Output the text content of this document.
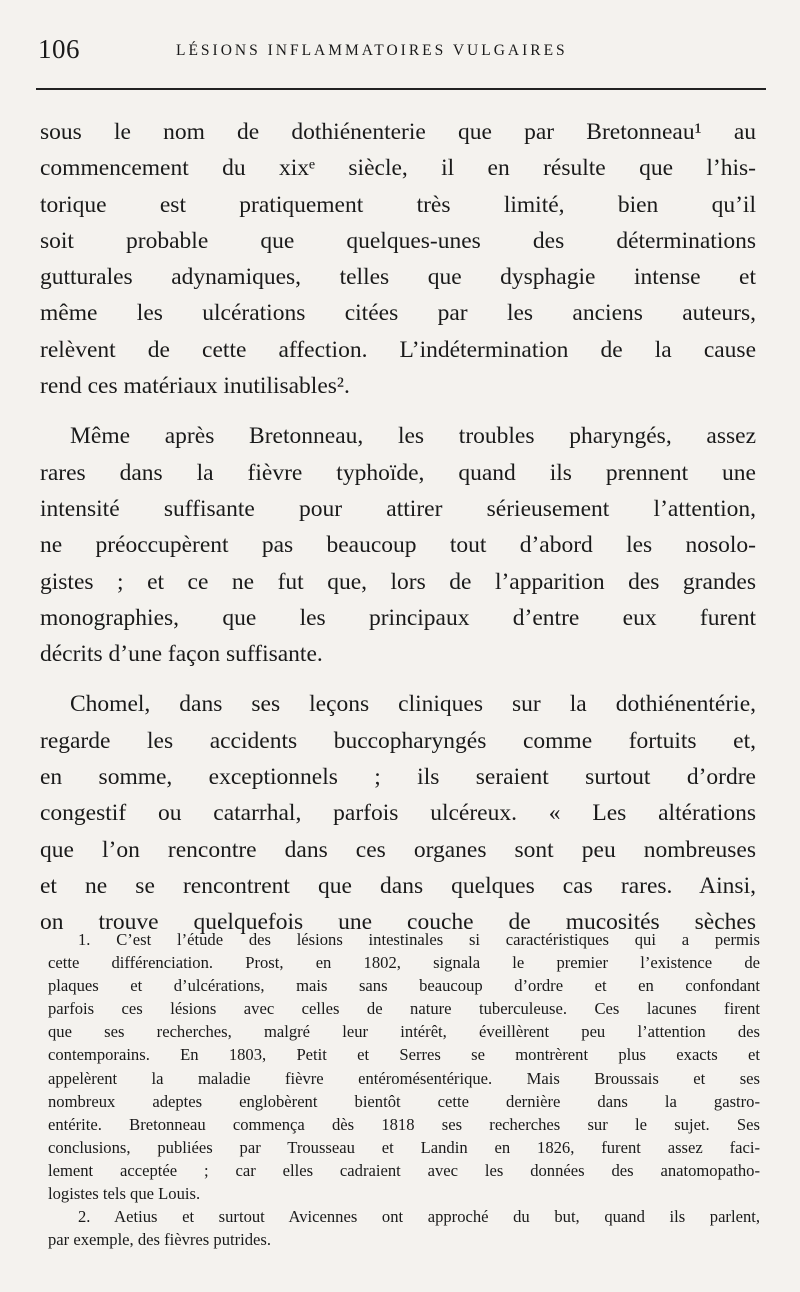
106	LÉSIONS INFLAMMATOIRES VULGAIRES
sous le nom de dothiénenterie que par Bretonneau¹ au
commencement du xixᵉ siècle, il en résulte que l’his-
torique est pratiquement très limité, bien qu’il
soit probable que quelques-unes des déterminations
gutturales adynamiques, telles que dysphagie intense et
même les ulcérations citées par les anciens auteurs,
relèvent de cette affection. L’indétermination de la cause
rend ces matériaux inutilisables².
Même après Bretonneau, les troubles pharyngés, assez
rares dans la fièvre typhoïde, quand ils prennent une
intensité suffisante pour attirer sérieusement l’attention,
ne préoccupèrent pas beaucoup tout d’abord les nosolo-
gistes ; et ce ne fut que, lors de l’apparition des grandes
monographies, que les principaux d’entre eux furent
décrits d’une façon suffisante.
Chomel, dans ses leçons cliniques sur la dothiénentérie,
regarde les accidents buccopharyngés comme fortuits et,
en somme, exceptionnels ; ils seraient surtout d’ordre
congestif ou catarrhal, parfois ulcéreux. « Les altérations
que l’on rencontre dans ces organes sont peu nombreuses
et ne se rencontrent que dans quelques cas rares. Ainsi,
on trouve quelquefois une couche de mucosités sèches
1. C’est l’étude des lésions intestinales si caractéristiques qui a permis
cette différenciation. Prost, en 1802, signala le premier l’existence de
plaques et d’ulcérations, mais sans beaucoup d’ordre et en confondant
parfois ces lésions avec celles de nature tuberculeuse. Ces lacunes firent
que ses recherches, malgré leur intérêt, éveillèrent peu l’attention des
contemporains. En 1803, Petit et Serres se montrèrent plus exacts et
appelèrent la maladie fièvre entéromésentérique. Mais Broussais et ses
nombreux adeptes englobèrent bientôt cette dernière dans la gastro-
entérite. Bretonneau commença dès 1818 ses recherches sur le sujet. Ses
conclusions, publiées par Trousseau et Landin en 1826, furent assez faci-
lement acceptée ; car elles cadraient avec les données des anatomopatho-
logistes tels que Louis.
2. Aetius et surtout Avicennes ont approché du but, quand ils parlent,
par exemple, des fièvres putrides.
